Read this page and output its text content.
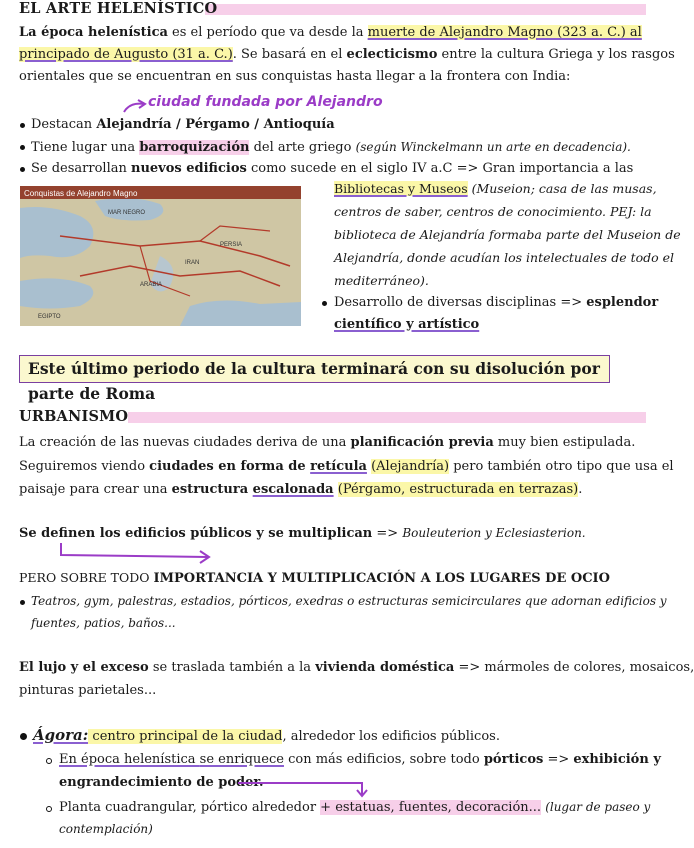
EL ARTE HELENÍSTICO
La época helenística es el período que va desde la muerte de Alejandro Magno (323 a. C.) al
principado de Augusto (31 a. C.). Se basará en el eclecticismo entre la cultura Griega y los rasgos
orientales que se encuentran en sus conquistas hasta llegar a la frontera con India:
ciudad fundada por Alejandro
Destacan Alejandría / Pérgamo / Antioquía
Tiene lugar una barroquización del arte griego (según Winckelmann un arte en decadencia).
Se desarrollan nuevos edificios como sucede en el siglo IV a.C => Gran importancia a las
Conquistas de Alejandro Magno
MAR NEGRO
PERSIA
IRAN
ARABIA
EGIPTO
Bibliotecas y Museos (Museion; casa de las musas,
centros de saber, centros de conocimiento. PEJ: la
biblioteca de Alejandría formaba parte del Museion de
Alejandría, donde acudían los intelectuales de todo el
mediterráneo).
Desarrollo de diversas disciplinas => esplendor
científico y artístico
Este último periodo de la cultura terminará con su disolución por parte de Roma
URBANISMO
La creación de las nuevas ciudades deriva de una planificación previa muy bien estipulada.
Seguiremos viendo ciudades en forma de retícula (Alejandría) pero también otro tipo que usa el
paisaje para crear una estructura escalonada (Pérgamo, estructurada en terrazas).
Se definen los edificios públicos y se multiplican => Bouleuterion y Eclesiasterion.
PERO SOBRE TODO IMPORTANCIA Y MULTIPLICACIÓN A LOS LUGARES DE OCIO
Teatros, gym, palestras, estadios, pórticos, exedras o estructuras semicirculares que adornan edificios y
fuentes, patios, baños...
El lujo y el exceso se traslada también a la vivienda doméstica => mármoles de colores, mosaicos,
pinturas parietales...
Ágora: centro principal de la ciudad, alrededor los edificios públicos.
En época helenística se enriquece con más edificios, sobre todo pórticos => exhibición y
engrandecimiento de poder.
Planta cuadrangular, pórtico alrededor + estatuas, fuentes, decoración... (lugar de paseo y
contemplación)
